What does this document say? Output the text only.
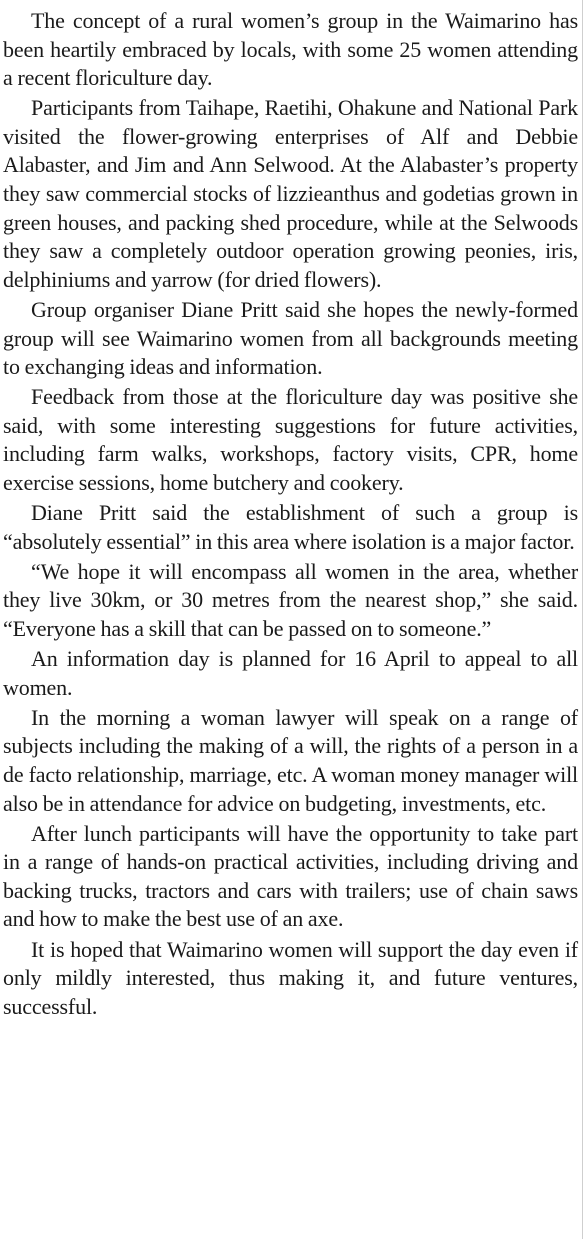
The concept of a rural women’s group in the Waimarino has been heartily embraced by locals, with some 25 women attending a recent floriculture day.

Participants from Taihape, Raetihi, Ohakune and National Park visited the flower-growing enterprises of Alf and Debbie Alabaster, and Jim and Ann Selwood. At the Alabaster’s property they saw commercial stocks of lizzieanthus and godetias grown in green houses, and packing shed procedure, while at the Selwoods they saw a completely outdoor operation growing peonies, iris, delphiniums and yarrow (for dried flowers).

Group organiser Diane Pritt said she hopes the newly-formed group will see Waimarino women from all backgrounds meeting to exchanging ideas and information.

Feedback from those at the floriculture day was positive she said, with some interesting suggestions for future activities, including farm walks, workshops, factory visits, CPR, home exercise sessions, home butchery and cookery.

Diane Pritt said the establishment of such a group is “absolutely essential” in this area where isolation is a major factor.

“We hope it will encompass all women in the area, whether they live 30km, or 30 metres from the nearest shop,” she said. “Everyone has a skill that can be passed on to someone.”

An information day is planned for 16 April to appeal to all women.

In the morning a woman lawyer will speak on a range of subjects including the making of a will, the rights of a person in a de facto relationship, marriage, etc. A woman money manager will also be in attendance for advice on budgeting, investments, etc.

After lunch participants will have the opportunity to take part in a range of hands-on practical activities, including driving and backing trucks, tractors and cars with trailers; use of chain saws and how to make the best use of an axe.

It is hoped that Waimarino women will support the day even if only mildly interested, thus making it, and future ventures, successful.
